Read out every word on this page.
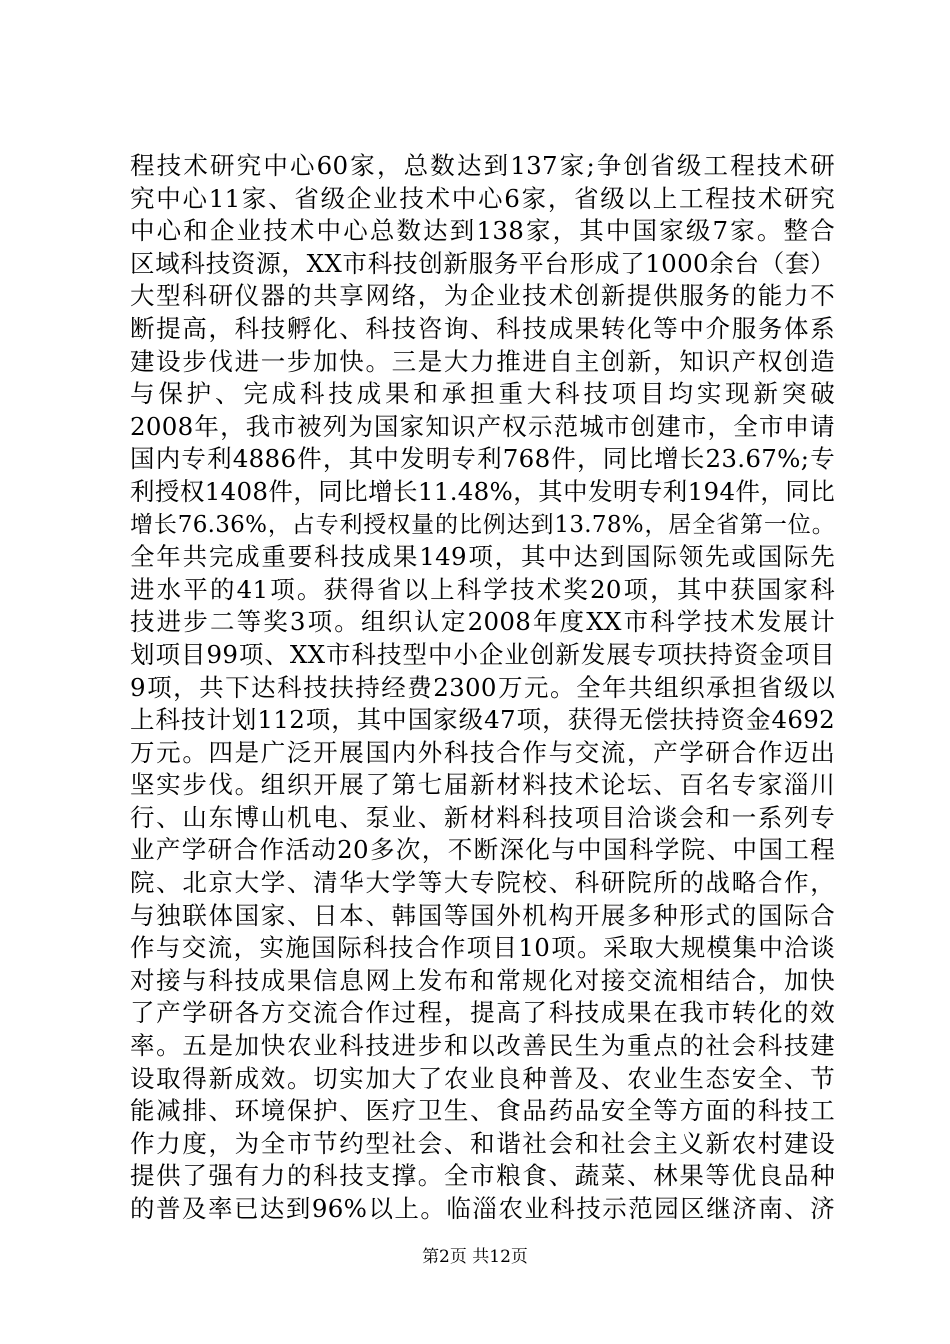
程技术研究中心60家，总数达到137家;争创省级工程技术研
究中心11家、省级企业技术中心6家，省级以上工程技术研究
中心和企业技术中心总数达到138家，其中国家级7家。整合
区域科技资源，XX市科技创新服务平台形成了1000余台（套）
大型科研仪器的共享网络，为企业技术创新提供服务的能力不
断提高，科技孵化、科技咨询、科技成果转化等中介服务体系
建设步伐进一步加快。三是大力推进自主创新，知识产权创造
与保护、完成科技成果和承担重大科技项目均实现新突破
2008年，我市被列为国家知识产权示范城市创建市，全市申请
国内专利4886件，其中发明专利768件，同比增长23.67%;专
利授权1408件，同比增长11.48%，其中发明专利194件，同比
增长76.36%，占专利授权量的比例达到13.78%，居全省第一位。
全年共完成重要科技成果149项，其中达到国际领先或国际先
进水平的41项。获得省以上科学技术奖20项，其中获国家科
技进步二等奖3项。组织认定2008年度XX市科学技术发展计
划项目99项、XX市科技型中小企业创新发展专项扶持资金项目
9项，共下达科技扶持经费2300万元。全年共组织承担省级以
上科技计划112项，其中国家级47项，获得无偿扶持资金4692
万元。四是广泛开展国内外科技合作与交流，产学研合作迈出
坚实步伐。组织开展了第七届新材料技术论坛、百名专家淄川
行、山东博山机电、泵业、新材料科技项目洽谈会和一系列专
业产学研合作活动20多次，不断深化与中国科学院、中国工程
院、北京大学、清华大学等大专院校、科研院所的战略合作，
与独联体国家、日本、韩国等国外机构开展多种形式的国际合
作与交流，实施国际科技合作项目10项。采取大规模集中洽谈
对接与科技成果信息网上发布和常规化对接交流相结合，加快
了产学研各方交流合作过程，提高了科技成果在我市转化的效
率。五是加快农业科技进步和以改善民生为重点的社会科技建
设取得新成效。切实加大了农业良种普及、农业生态安全、节
能减排、环境保护、医疗卫生、食品药品安全等方面的科技工
作力度，为全市节约型社会、和谐社会和社会主义新农村建设
提供了强有力的科技支撑。全市粮食、蔬菜、林果等优良品种
的普及率已达到96%以上。临淄农业科技示范园区继济南、济
第2页 共12页
